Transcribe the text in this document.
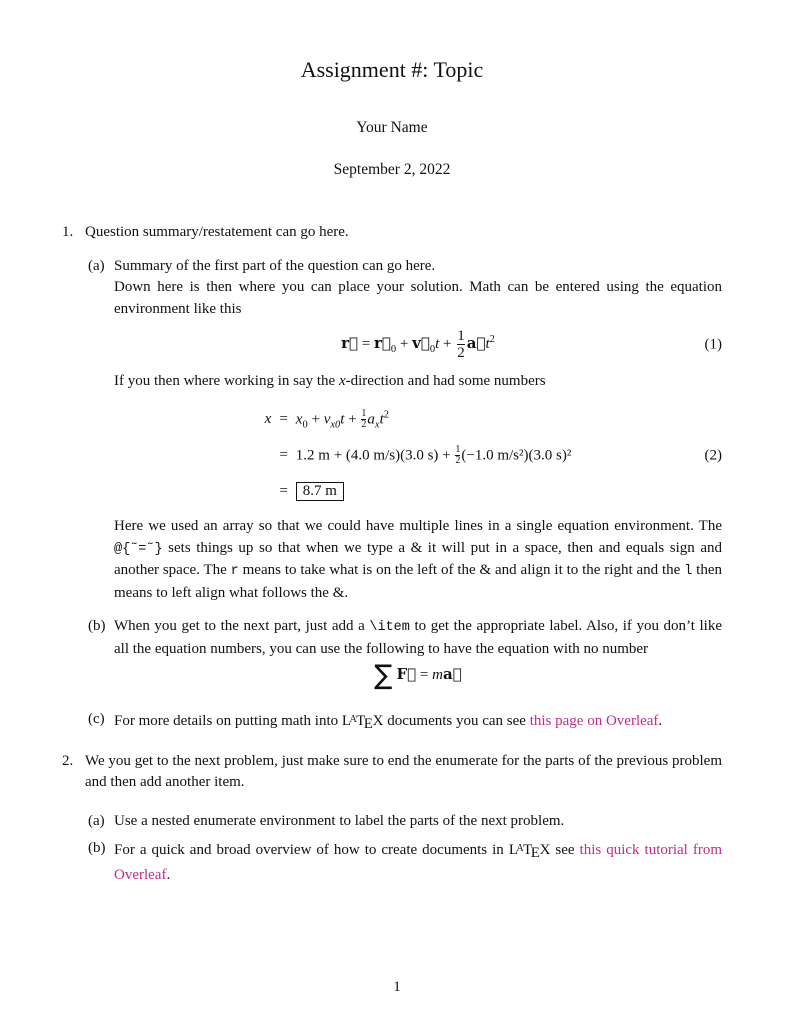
Assignment #: Topic
Your Name
September 2, 2022
1. Question summary/restatement can go here.

(a) Summary of the first part of the question can go here.

Down here is then where you can place your solution. Math can be entered using the equation environment like this

r⃗ = $r⃗_0$ + $v⃗_0t + \frac{1}{2}$ $a⃗t^2$	(1)

If you then where working in say the x-direction and had some numbers

$x = x_0 + v_{x0}t + \frac{1}{2} a_xt^2$
= 1.2 m + (4.0 m/s)(3.0 $s) + \frac{1}{2} (-1.0$ m/s²)(3.0 s)²
=	8.7 m
(2)

Here we used an array so that we could have multiple lines in a single equation environment. The @{˜=˜} sets things up so that when we type a & it will put in a space, then and equals sign and another space. The r means to take what is on the left of the & and align it to the right and the l then means to left align what follows the &.

(b) When you get to the next part, just add a \item to get the appropriate label. Also, if you don’t like all the equation numbers, you can use the following to have the equation with no number

∑ F⃗ = ma⃗
(c) For more details on putting math into $L^ATEX$ documents you can see this page on Overleaf.

2. We you get to the next problem, just make sure to end the enumerate for the parts of the previous problem and then add another item.

(a) Use a nested enumerate environment to label the parts of the next problem.

(b) For a quick and broad overview of how to create documents in $L^ATEX$ see this quick tutorial from Overleaf.

1
